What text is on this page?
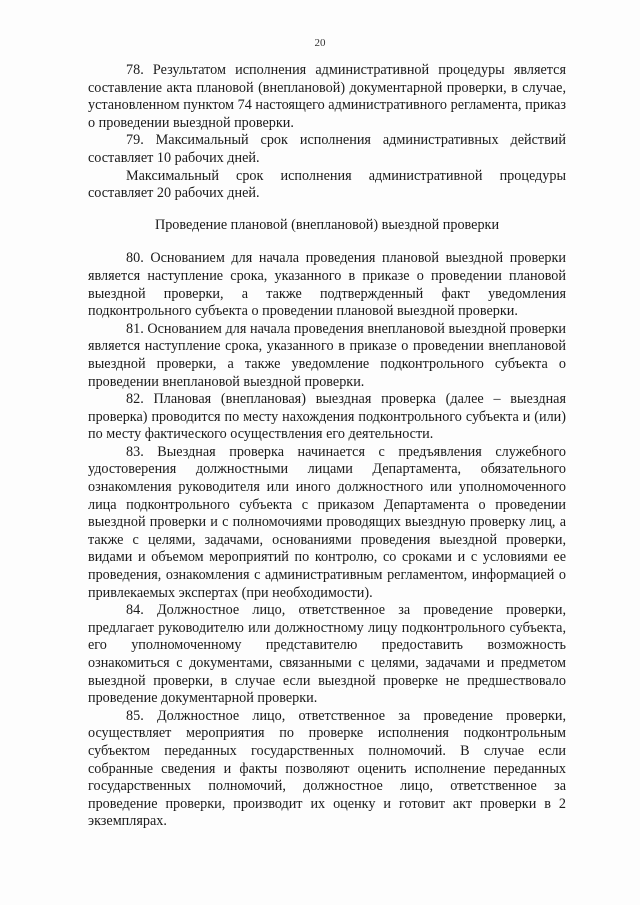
20

78. Результатом исполнения административной процедуры является составление акта плановой (внеплановой) документарной проверки, в случае, установленном пунктом 74 настоящего административного регламента, приказ о проведении выездной проверки.

79. Максимальный срок исполнения административных действий составляет 10 рабочих дней.

Максимальный срок исполнения административной процедуры составляет 20 рабочих дней.

Проведение плановой (внеплановой) выездной проверки

80. Основанием для начала проведения плановой выездной проверки является наступление срока, указанного в приказе о проведении плановой выездной проверки, а также подтвержденный факт уведомления подконтрольного субъекта о проведении плановой выездной проверки.

81. Основанием для начала проведения внеплановой выездной проверки является наступление срока, указанного в приказе о проведении внеплановой выездной проверки, а также уведомление подконтрольного субъекта о проведении внеплановой выездной проверки.

82. Плановая (внеплановая) выездная проверка (далее – выездная проверка) проводится по месту нахождения подконтрольного субъекта и (или) по месту фактического осуществления его деятельности.

83. Выездная проверка начинается с предъявления служебного удостоверения должностными лицами Департамента, обязательного ознакомления руководителя или иного должностного или уполномоченного лица подконтрольного субъекта с приказом Департамента о проведении выездной проверки и с полномочиями проводящих выездную проверку лиц, а также с целями, задачами, основаниями проведения выездной проверки, видами и объемом мероприятий по контролю, со сроками и с условиями ее проведения, ознакомления с административным регламентом, информацией о привлекаемых экспертах (при необходимости).

84. Должностное лицо, ответственное за проведение проверки, предлагает руководителю или должностному лицу подконтрольного субъекта, его уполномоченному представителю предоставить возможность ознакомиться с документами, связанными с целями, задачами и предметом выездной проверки, в случае если выездной проверке не предшествовало проведение документарной проверки.

85. Должностное лицо, ответственное за проведение проверки, осуществляет мероприятия по проверке исполнения подконтрольным субъектом переданных государственных полномочий. В случае если собранные сведения и факты позволяют оценить исполнение переданных государственных полномочий, должностное лицо, ответственное за проведение проверки, производит их оценку и готовит акт проверки в 2 экземплярах.
